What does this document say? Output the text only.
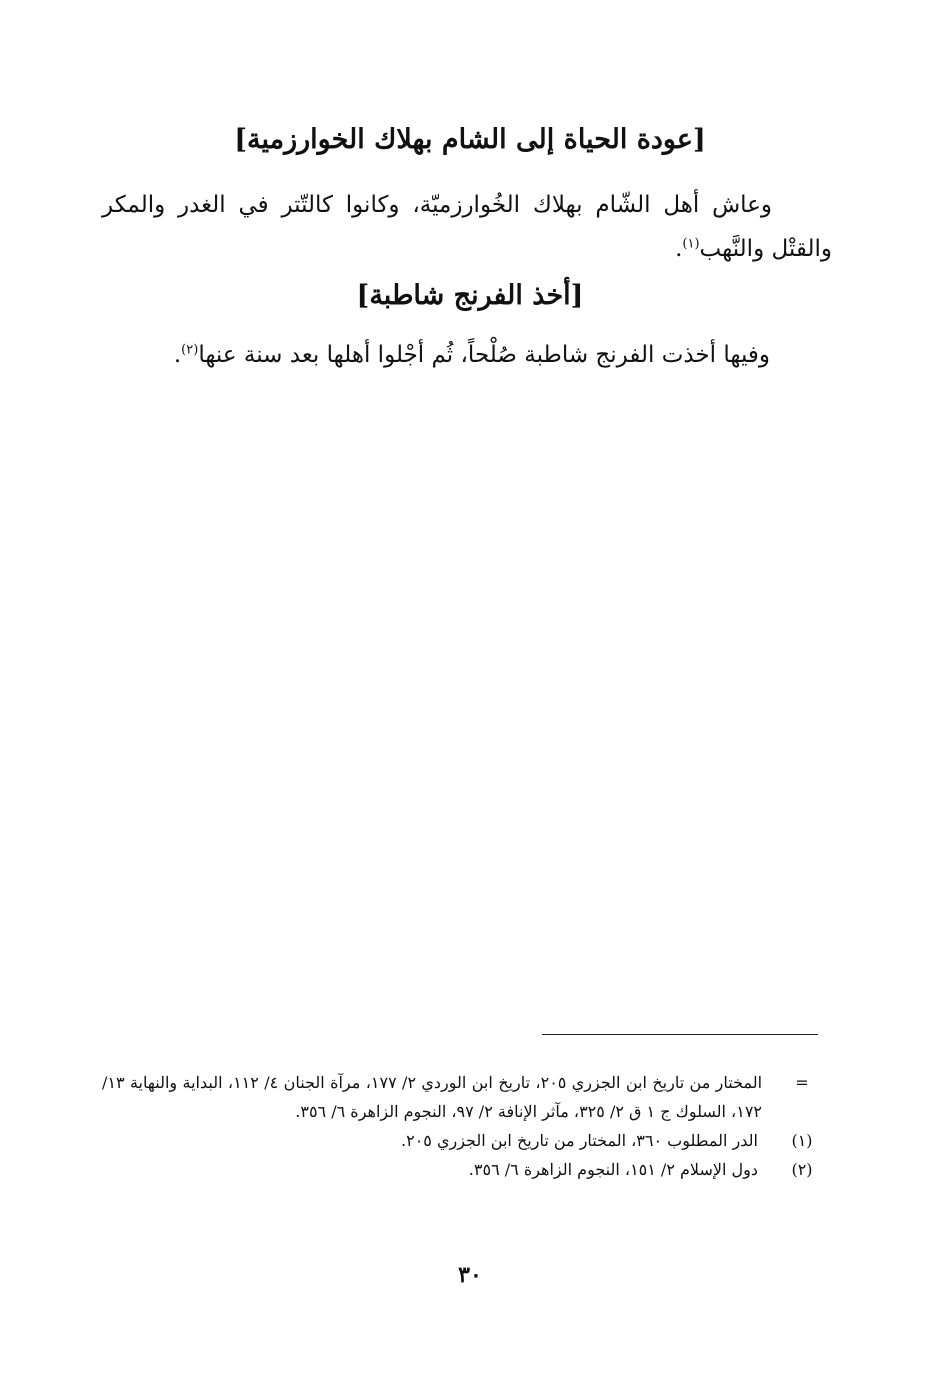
[عودة الحياة إلى الشام بهلاك الخوارزمية]
وعاش أهل الشّام بهلاك الخُوارزميّة، وكانوا كالتّتر في الغدر والمكر
والقتْل والنَّهب$^{(١)}$.
[أخذ الفرنج شاطبة]
وفيها أخذت الفرنج شاطبة صُلْحاً، ثُم أجْلوا أهلها بعد سنة عنها$^{(٢)}$.
=
المختار من تاريخ ابن الجزري ٢٠٥، تاريخ ابن الوردي ٢/ ١٧٧، مرآة الجنان ٤/ ١١٢، البداية والنهاية ١٣/ ١٧٢، السلوك ج ١ ق ٢/ ٣٢٥، مآثر الإنافة ٢/ ٩٧، النجوم الزاهرة ٦/ ٣٥٦.
(١)
الدر المطلوب ٣٦٠، المختار من تاريخ ابن الجزري ٢٠٥.
(٢)
دول الإسلام ٢/ ١٥١، النجوم الزاهرة ٦/ ٣٥٦.
٣٠
